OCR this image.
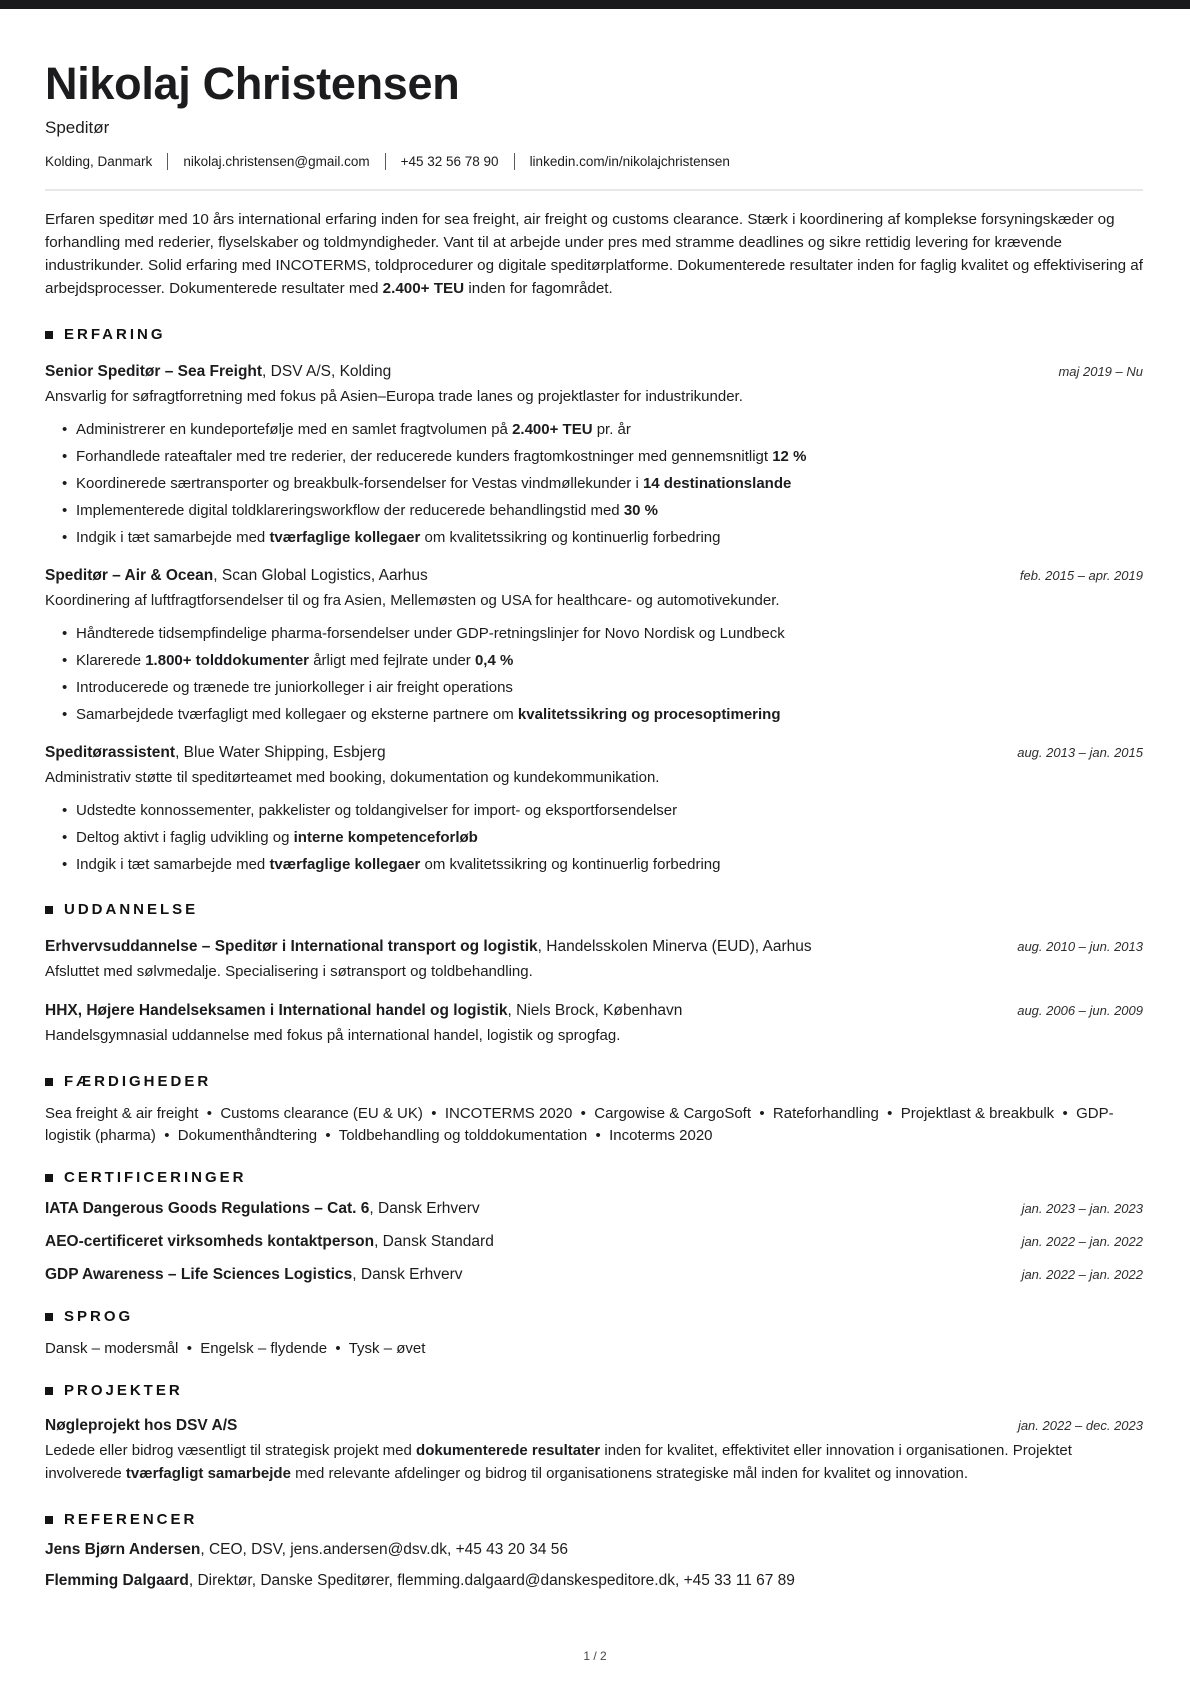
Nikolaj Christensen

Speditør

Kolding, Danmark nikolaj.christensen@gmail.com +45 32 56 78 90 linkedin.com/in/nikolajchristensen

Erfaren speditør med 10 års international erfaring inden for sea freight, air freight og customs clearance. Stærk i koordinering af komplekse forsyningskæder og forhandling med rederier, flyselskaber og toldmyndigheder. Vant til at arbejde under pres med stramme deadlines og sikre rettidig levering for krævende industrikunder. Solid erfaring med INCOTERMS, toldprocedurer og digitale speditørplatforme. Dokumenterede resultater inden for faglig kvalitet og effektivisering af arbejdsprocesser. Dokumenterede resultater med 2.400+ TEU inden for fagområdet.

ERFARING

Senior Speditør – Sea Freight, DSV A/S, Kolding	maj 2019 – Nu

Ansvarlig for søfragtforretning med fokus på Asien–Europa trade lanes og projektlaster for industrikunder.

• Administrerer en kundeportefølje med en samlet fragtvolumen på 2.400+ TEU pr. år
• Forhandlede rateaftaler med tre rederier, der reducerede kunders fragtomkostninger med gennemsnitligt 12 %
• Koordinerede særtransporter og breakbulk-forsendelser for Vestas vindmøllekunder i 14 destinationslande
• Implementerede digital toldklareringsworkflow der reducerede behandlingstid med 30 %
• Indgik i tæt samarbejde med tværfaglige kollegaer om kvalitetssikring og kontinuerlig forbedring

Speditør – Air & Ocean, Scan Global Logistics, Aarhus	feb. 2015 – apr. 2019

Koordinering af luftfragtforsendelser til og fra Asien, Mellemøsten og USA for healthcare- og automotivekunder.

• Håndterede tidsempfindelige pharma-forsendelser under GDP-retningslinjer for Novo Nordisk og Lundbeck
• Klarerede 1.800+ tolddokumenter årligt med fejlrate under 0,4 %
• Introducerede og trænede tre juniorkolleger i air freight operations
• Samarbejdede tværfagligt med kollegaer og eksterne partnere om kvalitetssikring og procesoptimering

Speditørassistent, Blue Water Shipping, Esbjerg	aug. 2013 – jan. 2015

Administrativ støtte til speditørteamet med booking, dokumentation og kundekommunikation.

• Udstedte konnossementer, pakkelister og toldangivelser for import- og eksportforsendelser
• Deltog aktivt i faglig udvikling og interne kompetenceforløb
• Indgik i tæt samarbejde med tværfaglige kollegaer om kvalitetssikring og kontinuerlig forbedring
UDDANNELSE

Erhvervsuddannelse – Speditør i International transport og logistik, Handelsskolen Minerva (EUD), Aarhus	aug. 2010 – jun. 2013

Afsluttet med sølvmedalje. Specialisering i søtransport og toldbehandling.

HHX, Højere Handelseksamen i International handel og logistik, Niels Brock, København	aug. 2006 – jun. 2009

Handelsgymnasial uddannelse med fokus på international handel, logistik og sprogfag.

FÆRDIGHEDER

Sea freight & air freight  •  Customs clearance (EU & UK)  •  INCOTERMS 2020  •  Cargowise & CargoSoft  •  Rateforhandling  •  Projektlast & breakbulk  •  GDP-logistik (pharma)  •  Dokumenthåndtering  •  Toldbehandling og tolddokumentation  •  Incoterms 2020

CERTIFICERINGER

IATA Dangerous Goods Regulations – Cat. 6, Dansk Erhverv	jan. 2023 – jan. 2023

AEO-certificeret virksomheds kontaktperson, Dansk Standard	jan. 2022 – jan. 2022

GDP Awareness – Life Sciences Logistics, Dansk Erhverv	jan. 2022 – jan. 2022
SPROG

Dansk – modersmål  •  Engelsk – flydende  •  Tysk – øvet

PROJEKTER

Nøgleprojekt hos DSV A/S	jan. 2022 – dec. 2023

Ledede eller bidrog væsentligt til strategisk projekt med dokumenterede resultater inden for kvalitet, effektivitet eller innovation i organisationen. Projektet involverede tværfagligt samarbejde med relevante afdelinger og bidrog til organisationens strategiske mål inden for kvalitet og innovation.

REFERENCER

Jens Bjørn Andersen, CEO, DSV, jens.andersen@dsv.dk, +45 43 20 34 56

Flemming Dalgaard, Direktør, Danske Speditører, flemming.dalgaard@danskespeditore.dk, +45 33 11 67 89

1 / 2
